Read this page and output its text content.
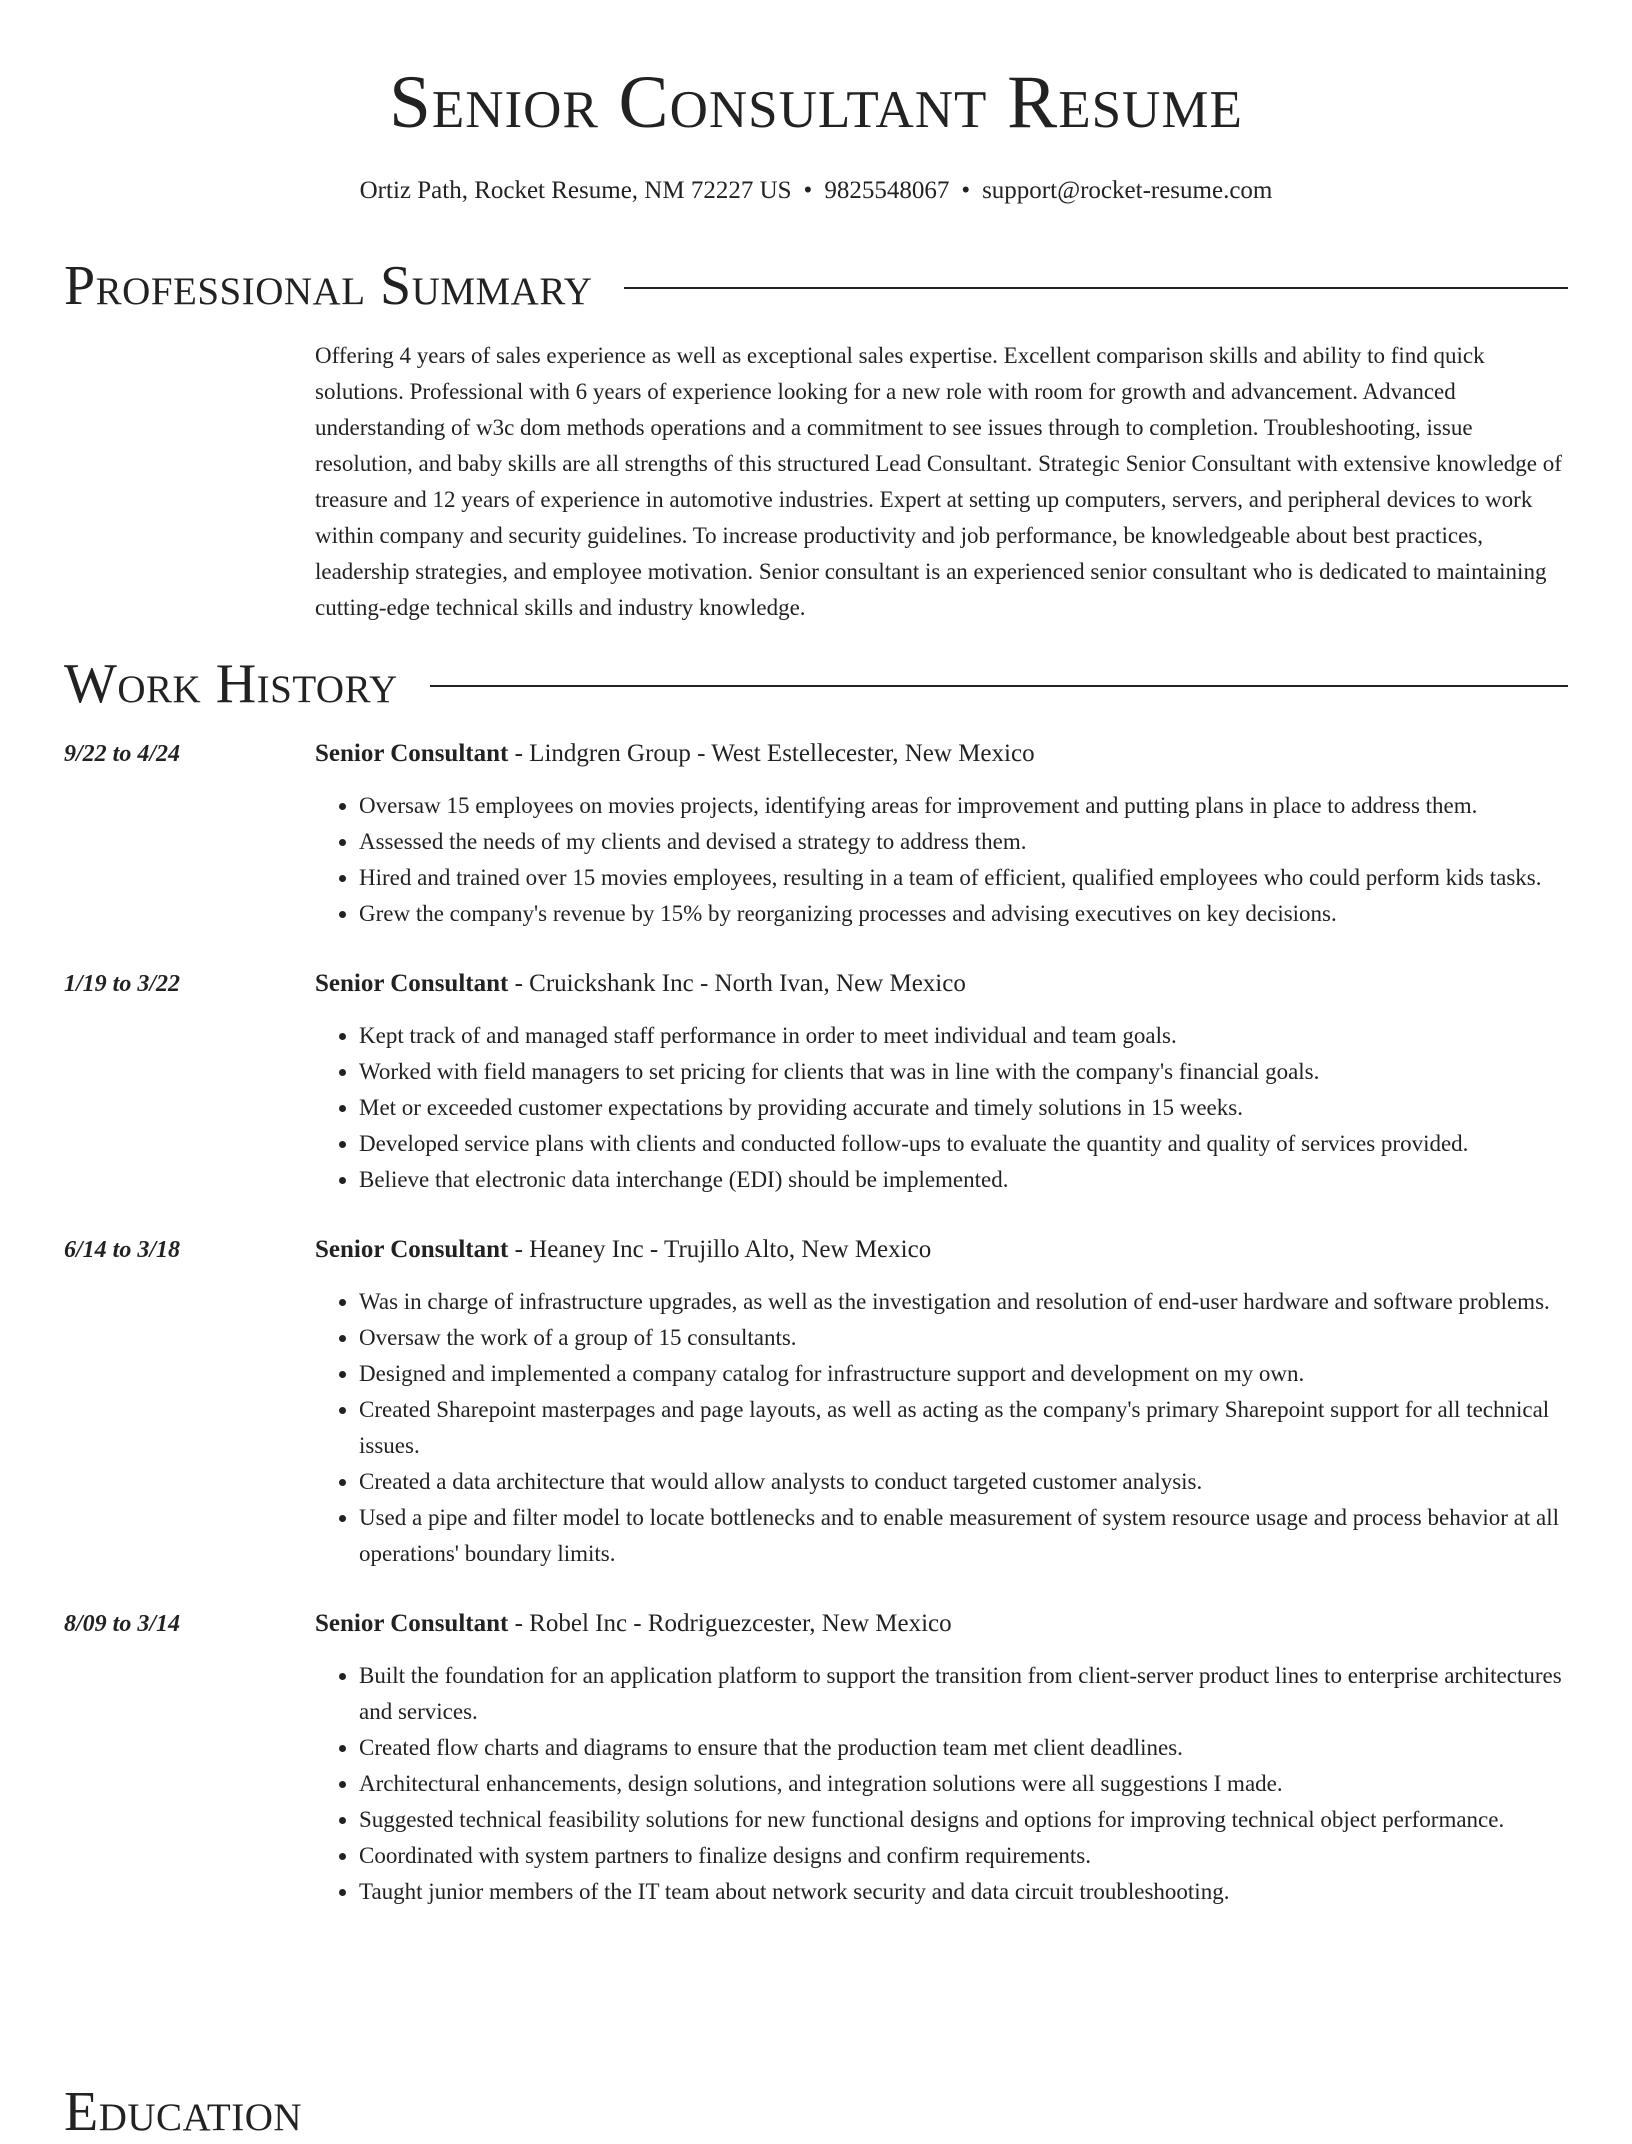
Senior Consultant Resume
Ortiz Path, Rocket Resume, NM 72227 US • 9825548067 • support@rocket-resume.com
Professional Summary

Offering 4 years of sales experience as well as exceptional sales expertise. Excellent comparison skills and ability to find quick solutions. Professional with 6 years of experience looking for a new role with room for growth and advancement. Advanced understanding of w3c dom methods operations and a commitment to see issues through to completion. Troubleshooting, issue resolution, and baby skills are all strengths of this structured Lead Consultant. Strategic Senior Consultant with extensive knowledge of treasure and 12 years of experience in automotive industries. Expert at setting up computers, servers, and peripheral devices to work within company and security guidelines. To increase productivity and job performance, be knowledgeable about best practices, leadership strategies, and employee motivation. Senior consultant is an experienced senior consultant who is dedicated to maintaining cutting-edge technical skills and industry knowledge.

Work History
9/22 to 4/24	Senior Consultant - Lindgren Group - West Estellecester, New Mexico
• Oversaw 15 employees on movies projects, identifying areas for improvement and putting plans in place to address them.
• Assessed the needs of my clients and devised a strategy to address them.
• Hired and trained over 15 movies employees, resulting in a team of efficient, qualified employees who could perform kids tasks.
• Grew the company's revenue by 15% by reorganizing processes and advising executives on key decisions.
1/19 to 3/22	Senior Consultant - Cruickshank Inc - North Ivan, New Mexico
• Kept track of and managed staff performance in order to meet individual and team goals.
• Worked with field managers to set pricing for clients that was in line with the company's financial goals.
• Met or exceeded customer expectations by providing accurate and timely solutions in 15 weeks.
• Developed service plans with clients and conducted follow-ups to evaluate the quantity and quality of services provided.
• Believe that electronic data interchange (EDI) should be implemented.
6/14 to 3/18	Senior Consultant - Heaney Inc - Trujillo Alto, New Mexico
• Was in charge of infrastructure upgrades, as well as the investigation and resolution of end-user hardware and software problems.
• Oversaw the work of a group of 15 consultants.
• Designed and implemented a company catalog for infrastructure support and development on my own.
• Created Sharepoint masterpages and page layouts, as well as acting as the company's primary Sharepoint support for all technical issues.
• Created a data architecture that would allow analysts to conduct targeted customer analysis.
• Used a pipe and filter model to locate bottlenecks and to enable measurement of system resource usage and process behavior at all operations' boundary limits.
8/09 to 3/14	Senior Consultant - Robel Inc - Rodriguezcester, New Mexico
• Built the foundation for an application platform to support the transition from client-server product lines to enterprise architectures and services.
• Created flow charts and diagrams to ensure that the production team met client deadlines.
• Architectural enhancements, design solutions, and integration solutions were all suggestions I made.
• Suggested technical feasibility solutions for new functional designs and options for improving technical object performance.
• Coordinated with system partners to finalize designs and confirm requirements.
• Taught junior members of the IT team about network security and data circuit troubleshooting.
Education
